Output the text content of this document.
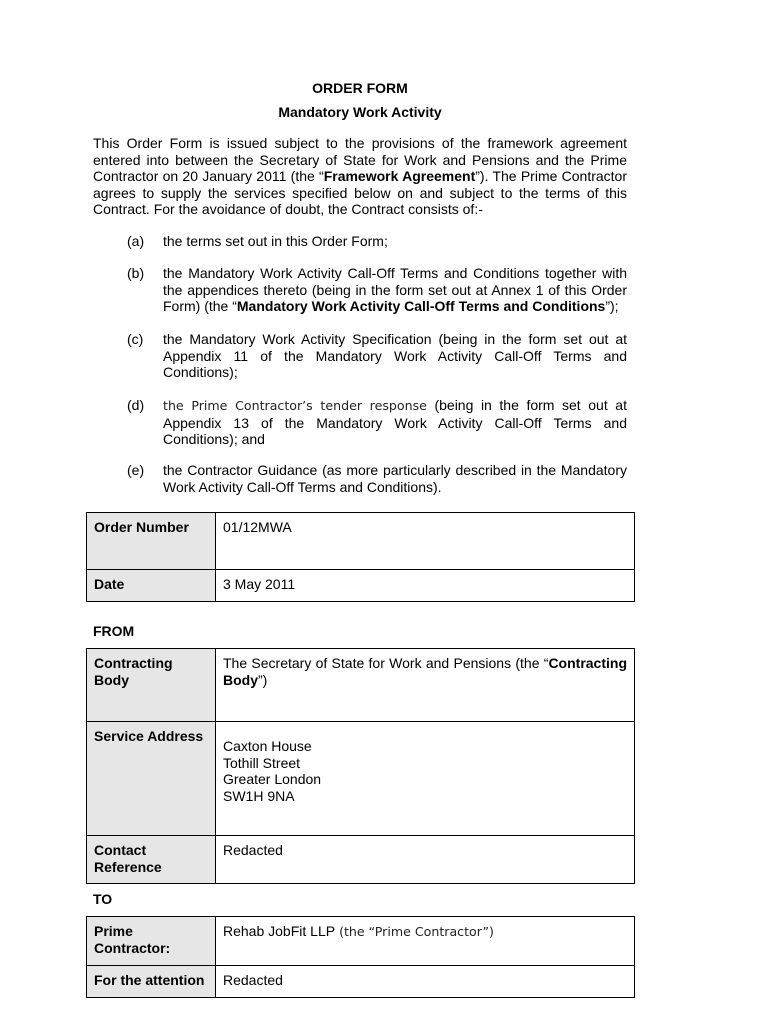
ORDER FORM
Mandatory Work Activity

This Order Form is issued subject to the provisions of the framework agreement entered into between the Secretary of State for Work and Pensions and the Prime Contractor on 20 January 2011 (the “Framework Agreement”). The Prime Contractor agrees to supply the services specified below on and subject to the terms of this Contract. For the avoidance of doubt, the Contract consists of:-

(a)	the terms set out in this Order Form;
(b)	the Mandatory Work Activity Call-Off Terms and Conditions together with the appendices thereto (being in the form set out at Annex 1 of this Order Form) (the “Mandatory Work Activity Call-Off Terms and Conditions”);
(c)	the Mandatory Work Activity Specification (being in the form set out at Appendix 11 of the Mandatory Work Activity Call-Off Terms and Conditions);
(d)	the Prime Contractor’s tender response (being in the form set out at Appendix 13 of the Mandatory Work Activity Call-Off Terms and Conditions); and
(e)	the Contractor Guidance (as more particularly described in the Mandatory Work Activity Call-Off Terms and Conditions).
Order Number	01/12MWA
Date	3 May 2011
FROM
Contracting Body	The Secretary of State for Work and Pensions (the “Contracting Body”)
Service Address	Caxton House
Tothill Street
Greater London
SW1H 9NA

Contact Reference	Redacted
TO
Prime Contractor:	Rehab JobFit LLP (the “Prime Contractor”)
For the attention	Redacted
